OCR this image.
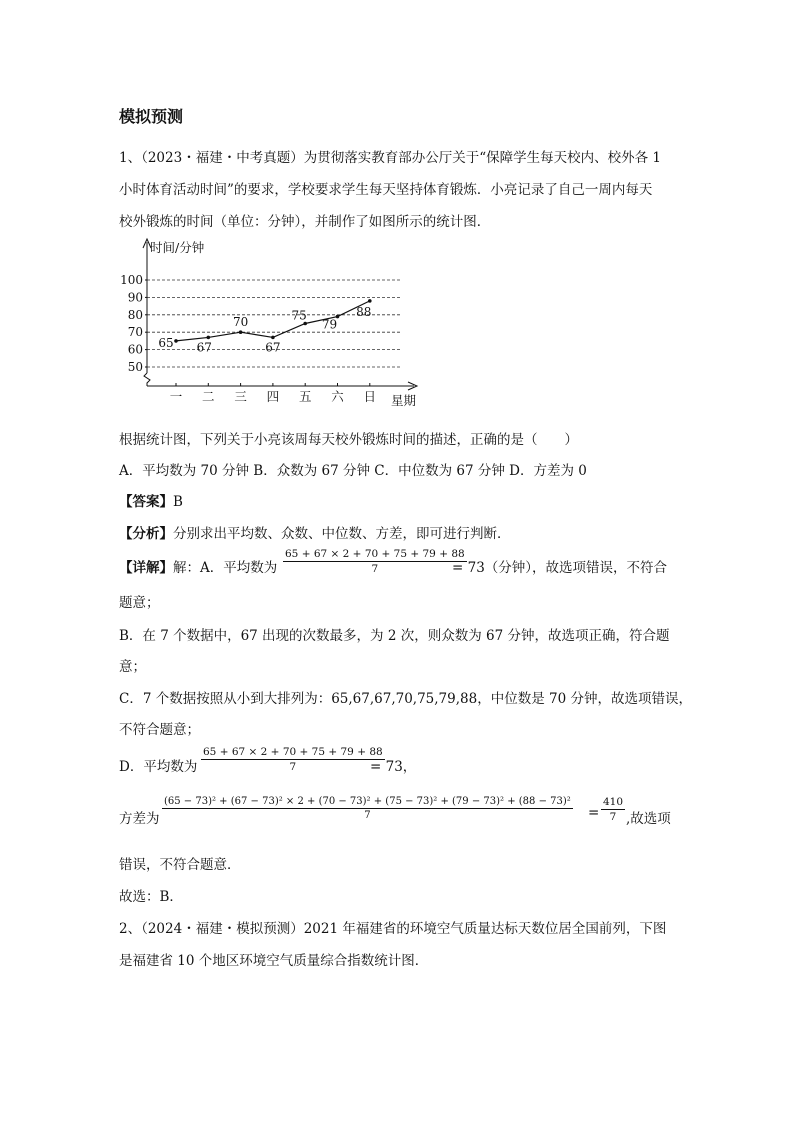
模拟预测
1、（2023・福建・中考真题）为贯彻落实教育部办公厅关于“保障学生每天校内、校外各 1
小时体育活动时间”的要求，学校要求学生每天坚持体育锻炼．小亮记录了自己一周内每天
校外锻炼的时间（单位：分钟），并制作了如图所示的统计图．
50
60
70
80
90
100
时间/分钟
星期
一 二 三 四 五 六 日
65 67
70
67
75
79
88
根据统计图，下列关于小亮该周每天校外锻炼时间的描述，正确的是（　　）
A．平均数为 70 分钟 B．众数为 67 分钟 C．中位数为 67 分钟 D．方差为 0
【答案】B
【分析】分别求出平均数、众数、中位数、方差，即可进行判断．
【详解】解：A．平均数为
65 + 67 × 2 + 70 + 75 + 79 + 88
7	= 73（分钟），故选项错误，不符合
题意；
B．在 7 个数据中，67 出现的次数最多，为 2 次，则众数为 67 分钟，故选项正确，符合题
意；
C．7 个数据按照从小到大排列为：65,67,67,70,75,79,88，中位数是 70 分钟，故选项错误，
不符合题意；
D．平均数为
65 + 67 × 2 + 70 + 75 + 79 + 88
7	= 73，
方差为
(65 − 73)² + (67 − 73)² × 2 + (70 − 73)² + (75 − 73)² + (79 − 73)² + (88 − 73)²
7	=
410
7 ,故选项
错误，不符合题意．
故选：B．
2、（2024・福建・模拟预测）2021 年福建省的环境空气质量达标天数位居全国前列，下图
是福建省 10 个地区环境空气质量综合指数统计图．
